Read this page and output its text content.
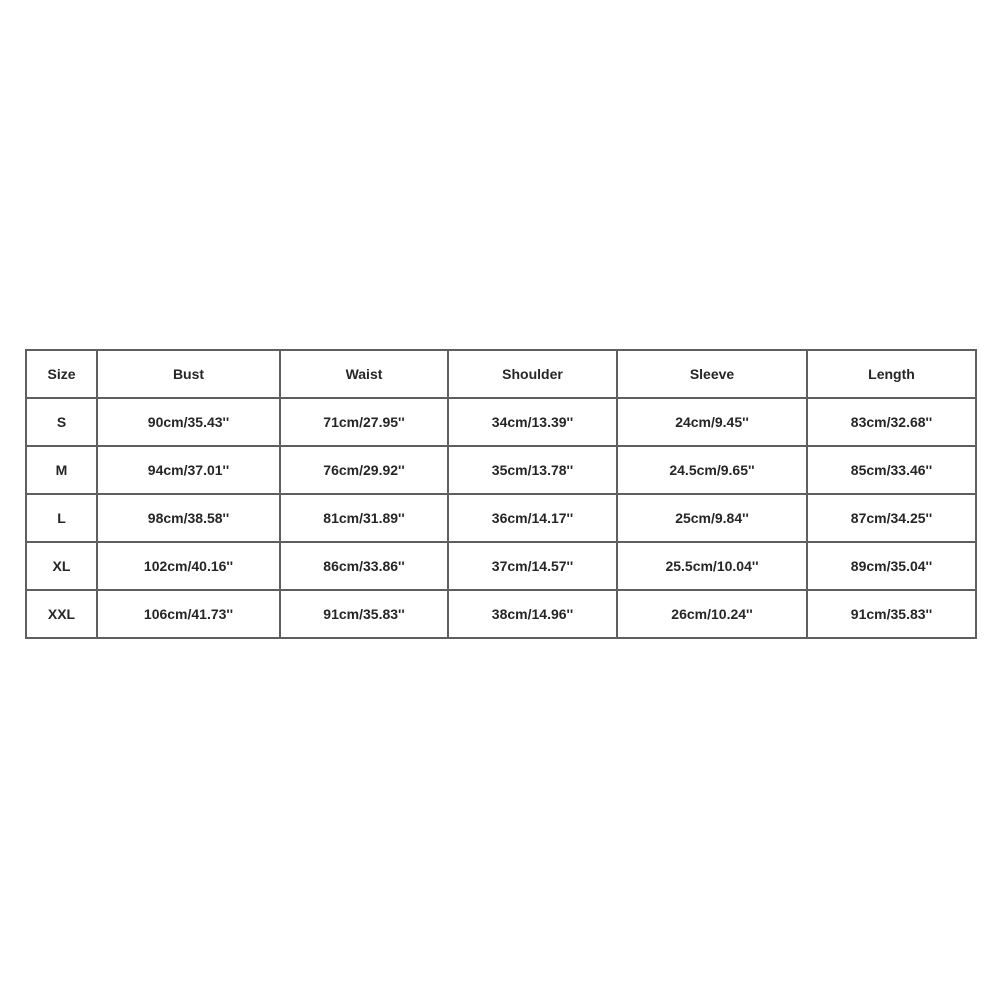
Size	Bust	Waist	Shoulder	Sleeve	Length
S	90cm/35.43''	71cm/27.95''	34cm/13.39''	24cm/9.45''	83cm/32.68''
M	94cm/37.01''	76cm/29.92''	35cm/13.78''	24.5cm/9.65''	85cm/33.46''
L	98cm/38.58''	81cm/31.89''	36cm/14.17''	25cm/9.84''	87cm/34.25''
XL	102cm/40.16''	86cm/33.86''	37cm/14.57''	25.5cm/10.04''	89cm/35.04''
XXL	106cm/41.73''	91cm/35.83''	38cm/14.96''	26cm/10.24''	91cm/35.83''
